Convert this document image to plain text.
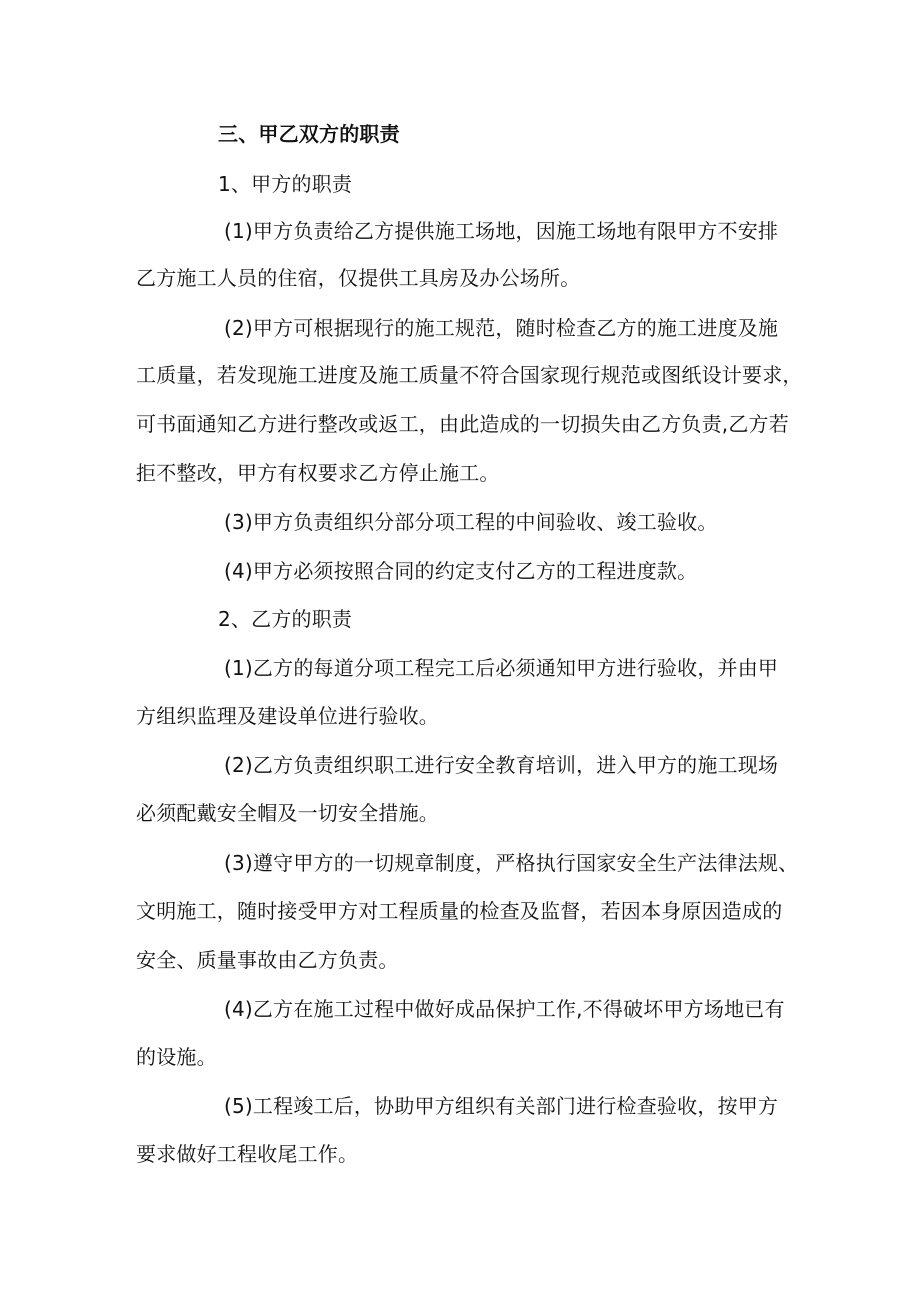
三、甲乙双方的职责
1、甲方的职责
(1)甲方负责给乙方提供施工场地，因施工场地有限甲方不安排
乙方施工人员的住宿，仅提供工具房及办公场所。
(2)甲方可根据现行的施工规范，随时检查乙方的施工进度及施
工质量，若发现施工进度及施工质量不符合国家现行规范或图纸设计要求，
可书面通知乙方进行整改或返工，由此造成的一切损失由乙方负责,乙方若
拒不整改，甲方有权要求乙方停止施工。
(3)甲方负责组织分部分项工程的中间验收、竣工验收。
(4)甲方必须按照合同的约定支付乙方的工程进度款。
2、乙方的职责
(1)乙方的每道分项工程完工后必须通知甲方进行验收，并由甲
方组织监理及建设单位进行验收。
(2)乙方负责组织职工进行安全教育培训，进入甲方的施工现场
必须配戴安全帽及一切安全措施。
(3)遵守甲方的一切规章制度，严格执行国家安全生产法律法规、
文明施工，随时接受甲方对工程质量的检查及监督，若因本身原因造成的
安全、质量事故由乙方负责。
(4)乙方在施工过程中做好成品保护工作,不得破坏甲方场地已有
的设施。
(5)工程竣工后，协助甲方组织有关部门进行检查验收，按甲方
要求做好工程收尾工作。
